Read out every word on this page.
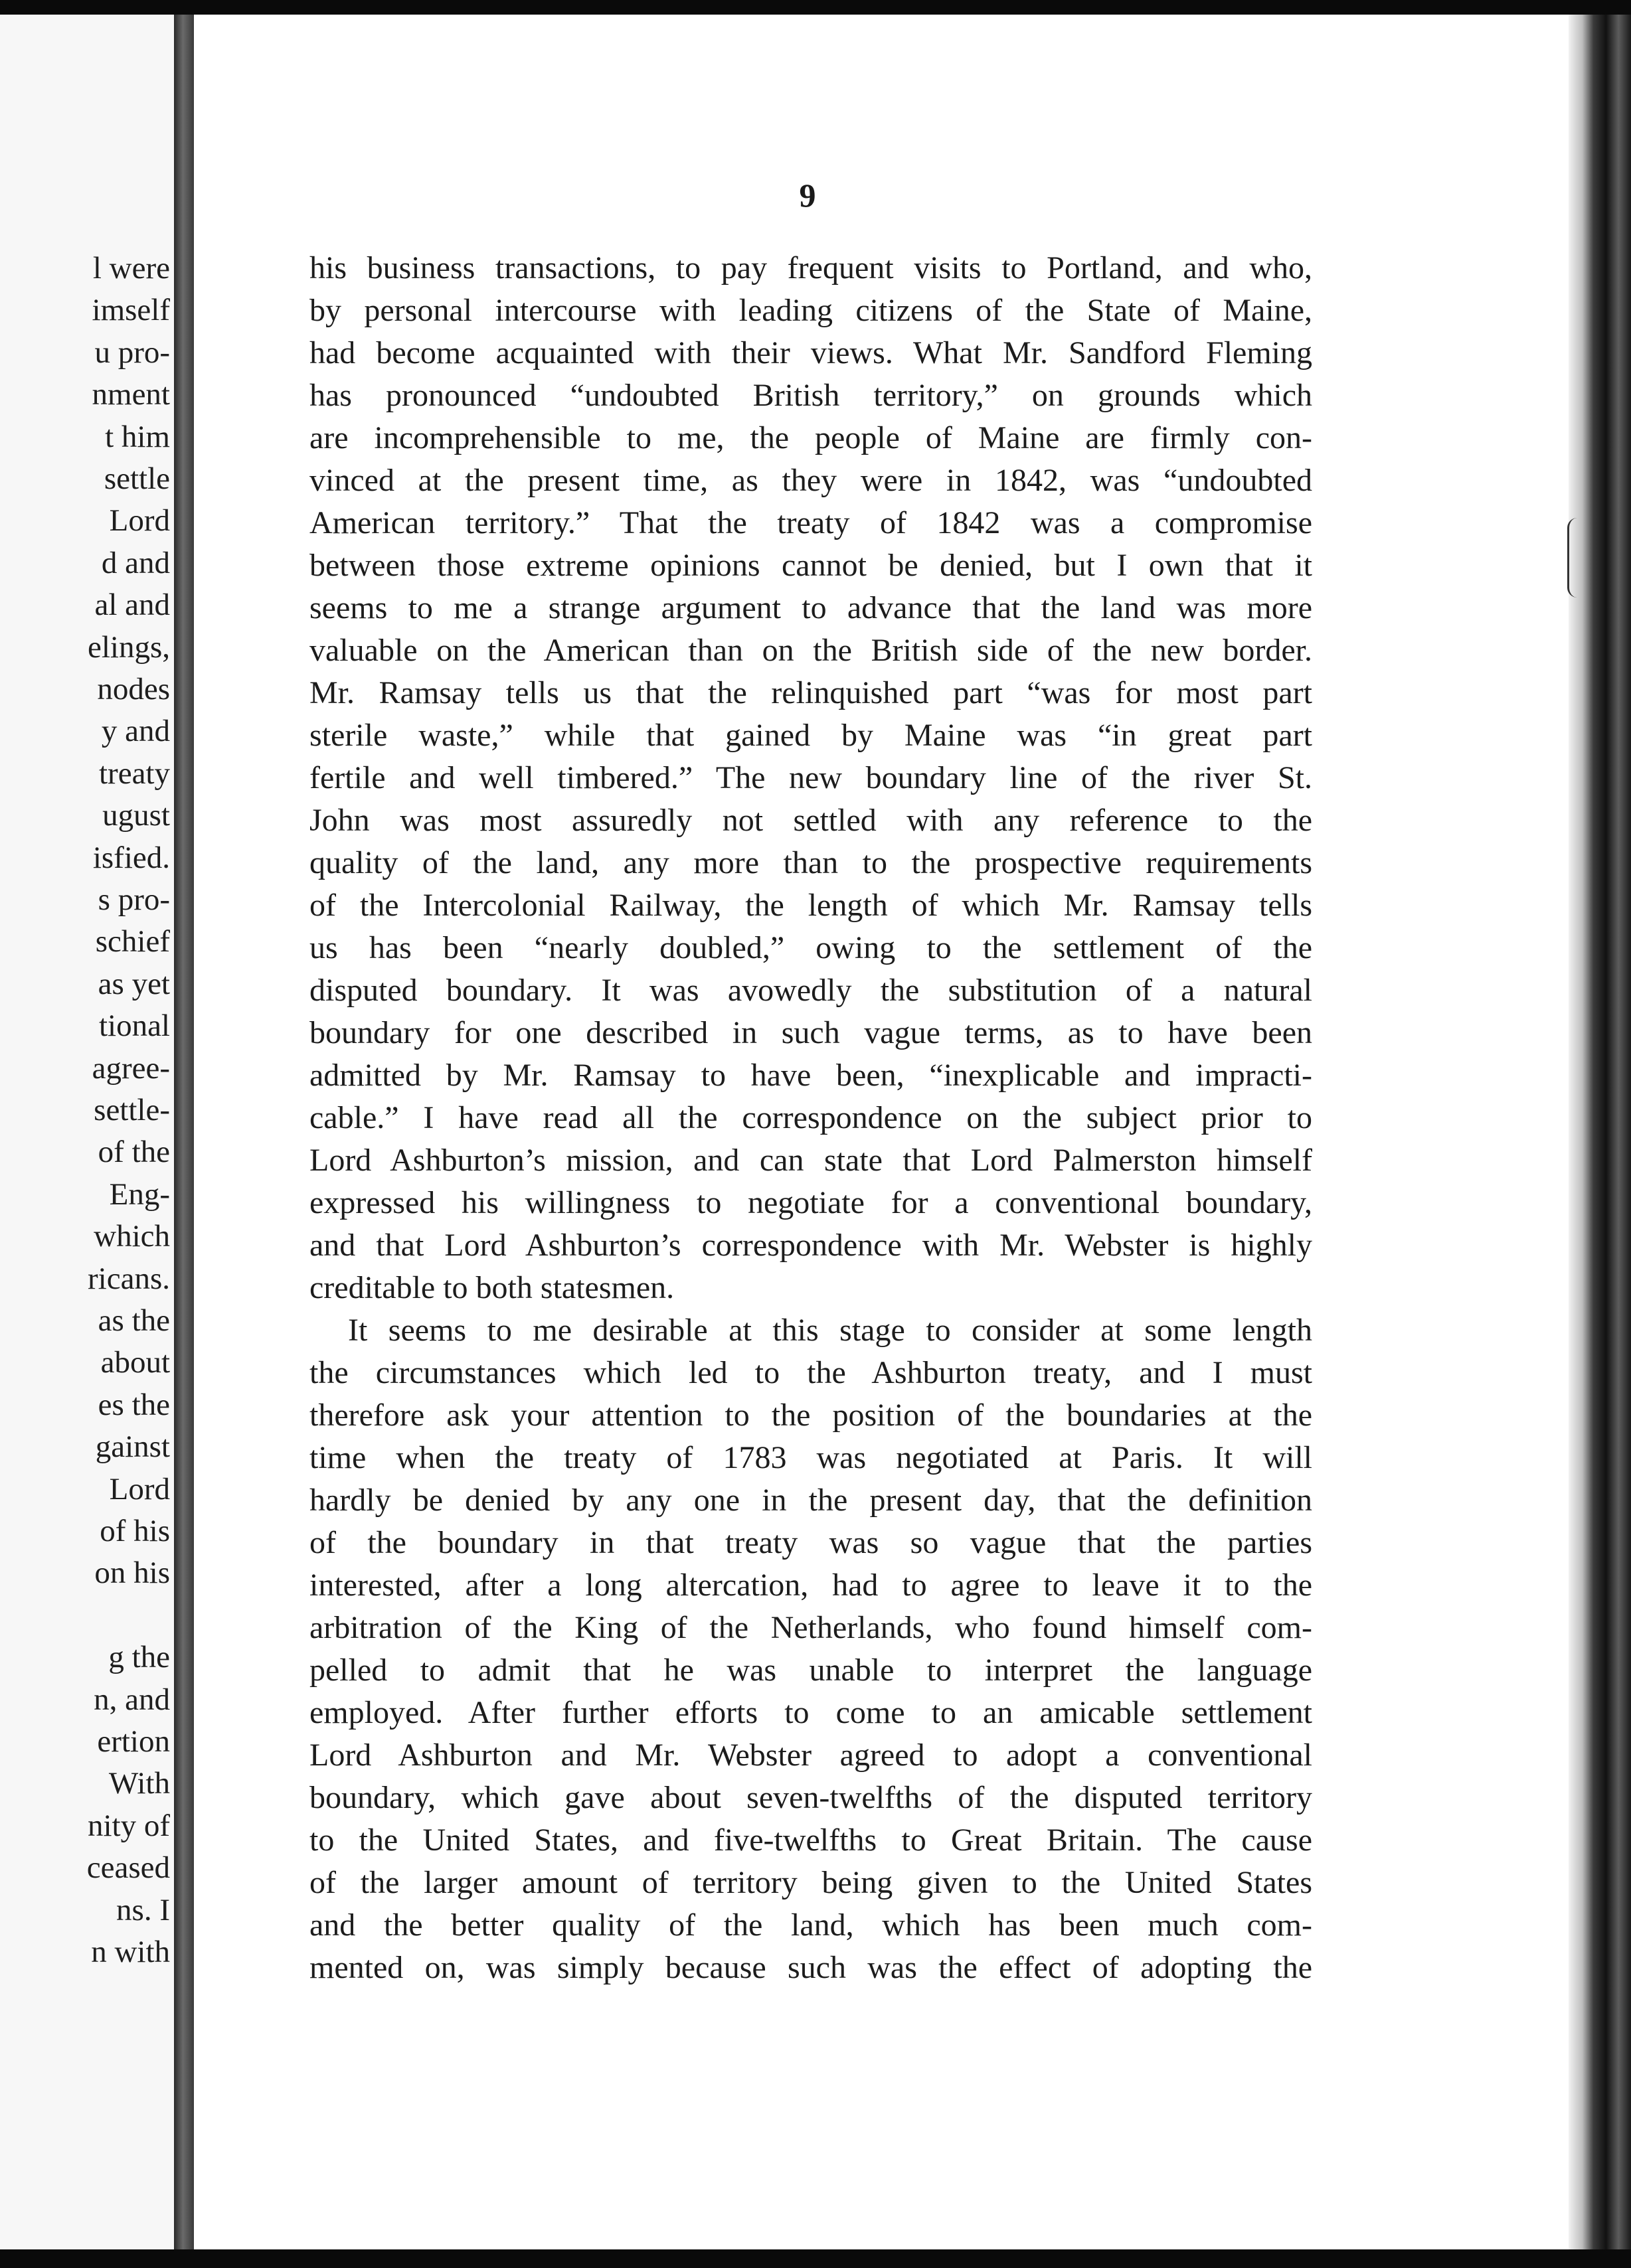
l were
imself
u pro-
nment
t him
settle
Lord
d and
al and
elings,
nodes
y and
treaty
ugust
isfied.
s pro-
schief
as yet
tional
agree-
settle-
of the
Eng-
which
ricans.
as the
about
es the
gainst
Lord
of his
on his
g the
n, and
ertion
With
nity of
ceased
ns. I
n with
9
his business transactions, to pay frequent visits to Portland, and who,
by personal intercourse with leading citizens of the State of Maine,
had become acquainted with their views. What Mr. Sandford Fleming
has pronounced “undoubted British territory,” on grounds which
are incomprehensible to me, the people of Maine are firmly con-
vinced at the present time, as they were in 1842, was “undoubted
American territory.” That the treaty of 1842 was a compromise
between those extreme opinions cannot be denied, but I own that it
seems to me a strange argument to advance that the land was more
valuable on the American than on the British side of the new border.
Mr. Ramsay tells us that the relinquished part “was for most part
sterile waste,” while that gained by Maine was “in great part
fertile and well timbered.” The new boundary line of the river St.
John was most assuredly not settled with any reference to the
quality of the land, any more than to the prospective requirements
of the Intercolonial Railway, the length of which Mr. Ramsay tells
us has been “nearly doubled,” owing to the settlement of the
disputed boundary. It was avowedly the substitution of a natural
boundary for one described in such vague terms, as to have been
admitted by Mr. Ramsay to have been, “inexplicable and impracti-
cable.” I have read all the correspondence on the subject prior to
Lord Ashburton’s mission, and can state that Lord Palmerston himself
expressed his willingness to negotiate for a conventional boundary,
and that Lord Ashburton’s correspondence with Mr. Webster is highly
creditable to both statesmen.
It seems to me desirable at this stage to consider at some length
the circumstances which led to the Ashburton treaty, and I must
therefore ask your attention to the position of the boundaries at the
time when the treaty of 1783 was negotiated at Paris. It will
hardly be denied by any one in the present day, that the definition
of the boundary in that treaty was so vague that the parties
interested, after a long altercation, had to agree to leave it to the
arbitration of the King of the Netherlands, who found himself com-
pelled to admit that he was unable to interpret the language
employed. After further efforts to come to an amicable settlement
Lord Ashburton and Mr. Webster agreed to adopt a conventional
boundary, which gave about seven-twelfths of the disputed territory
to the United States, and five-twelfths to Great Britain. The cause
of the larger amount of territory being given to the United States
and the better quality of the land, which has been much com-
mented on, was simply because such was the effect of adopting the
